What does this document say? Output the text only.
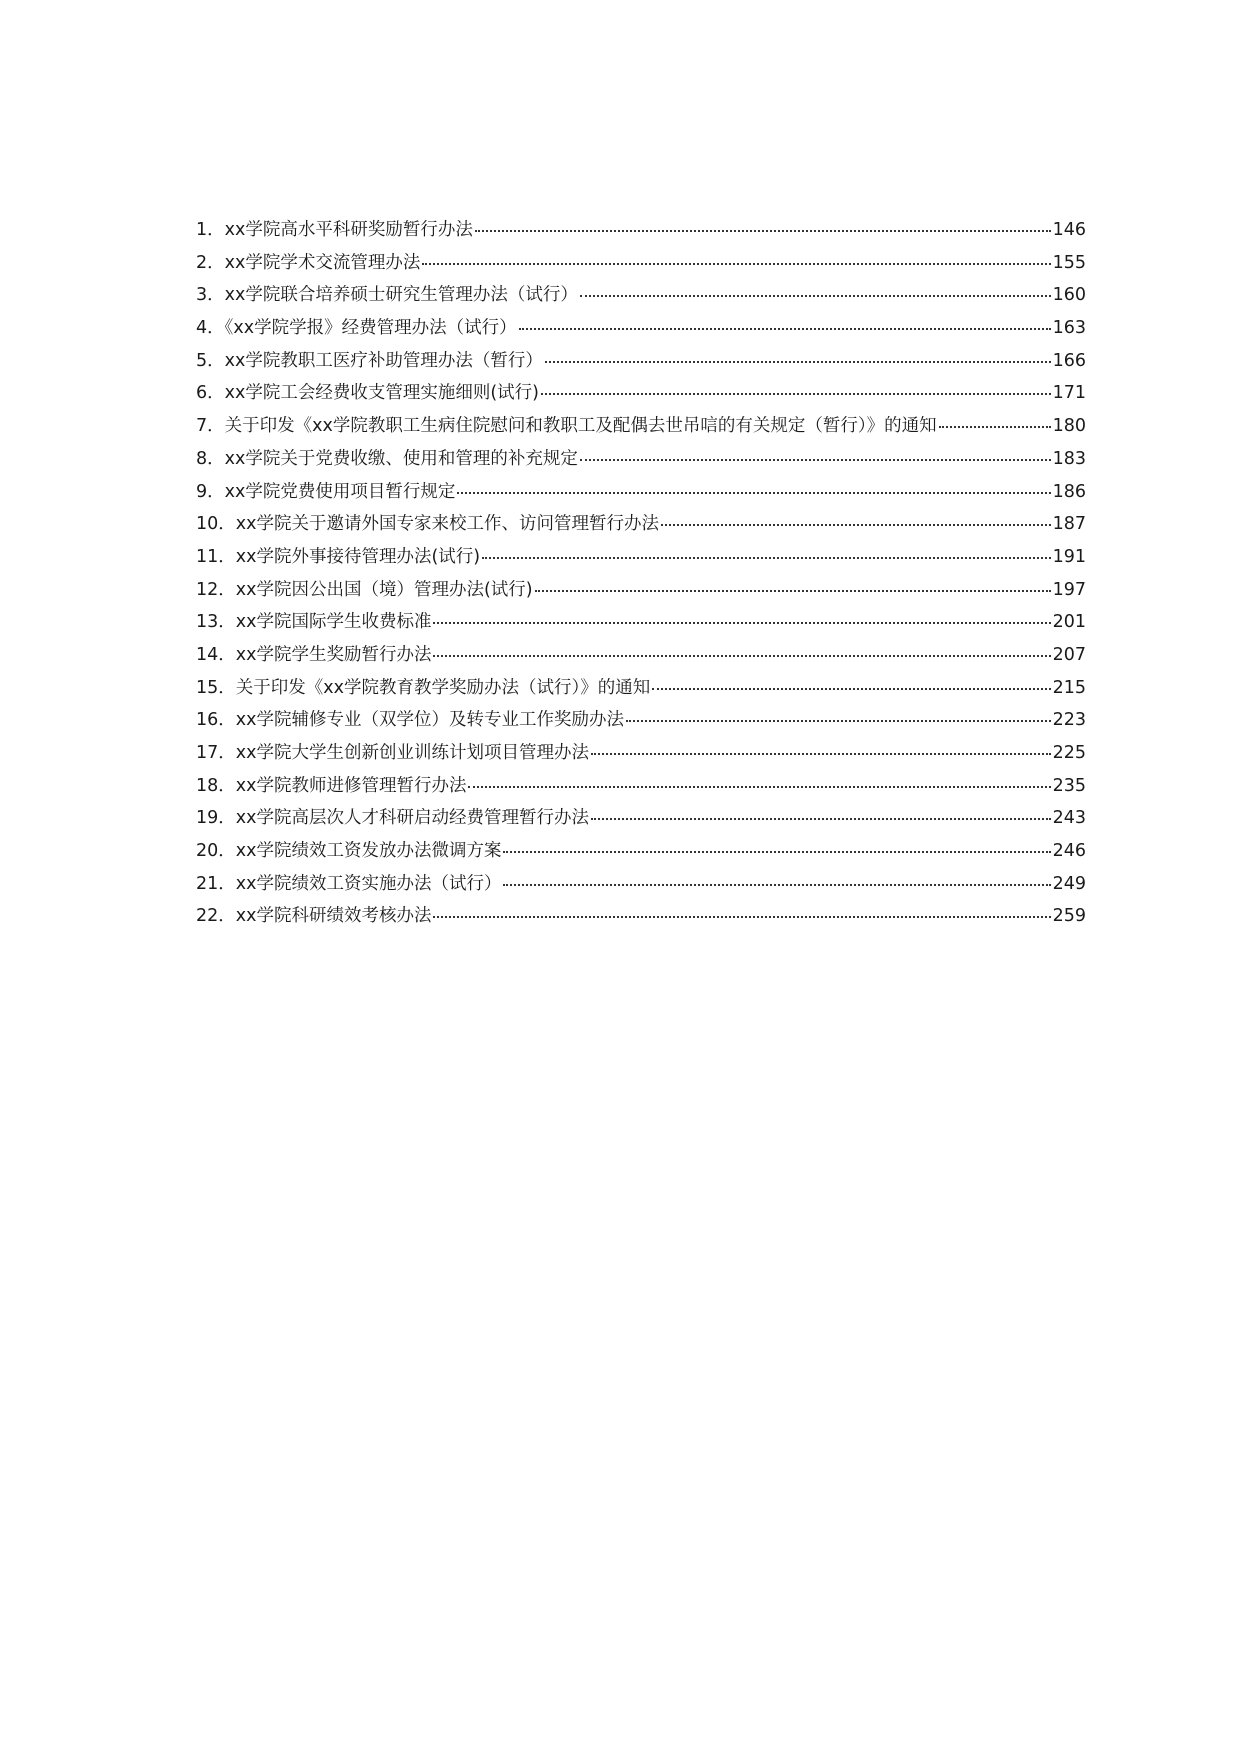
1．xx学院高水平科研奖励暂行办法	146
2．xx学院学术交流管理办法	155
3．xx学院联合培养硕士研究生管理办法（试行）	160
4．《xx学院学报》经费管理办法（试行）	163
5．xx学院教职工医疗补助管理办法（暂行）	166
6．xx学院工会经费收支管理实施细则(试行)	171
7．关于印发《xx学院教职工生病住院慰问和教职工及配偶去世吊唁的有关规定（暂行）》的通知	180
8．xx学院关于党费收缴、使用和管理的补充规定	183
9．xx学院党费使用项目暂行规定	186
10．xx学院关于邀请外国专家来校工作、访问管理暂行办法	187
11．xx学院外事接待管理办法(试行)	191
12．xx学院因公出国（境）管理办法(试行)	197
13．xx学院国际学生收费标准	201
14．xx学院学生奖励暂行办法	207
15．关于印发《xx学院教育教学奖励办法（试行）》的通知	215
16．xx学院辅修专业（双学位）及转专业工作奖励办法	223
17．xx学院大学生创新创业训练计划项目管理办法	225
18．xx学院教师进修管理暂行办法	235
19．xx学院高层次人才科研启动经费管理暂行办法	243
20．xx学院绩效工资发放办法微调方案	246
21．xx学院绩效工资实施办法（试行）	249
22．xx学院科研绩效考核办法	259
